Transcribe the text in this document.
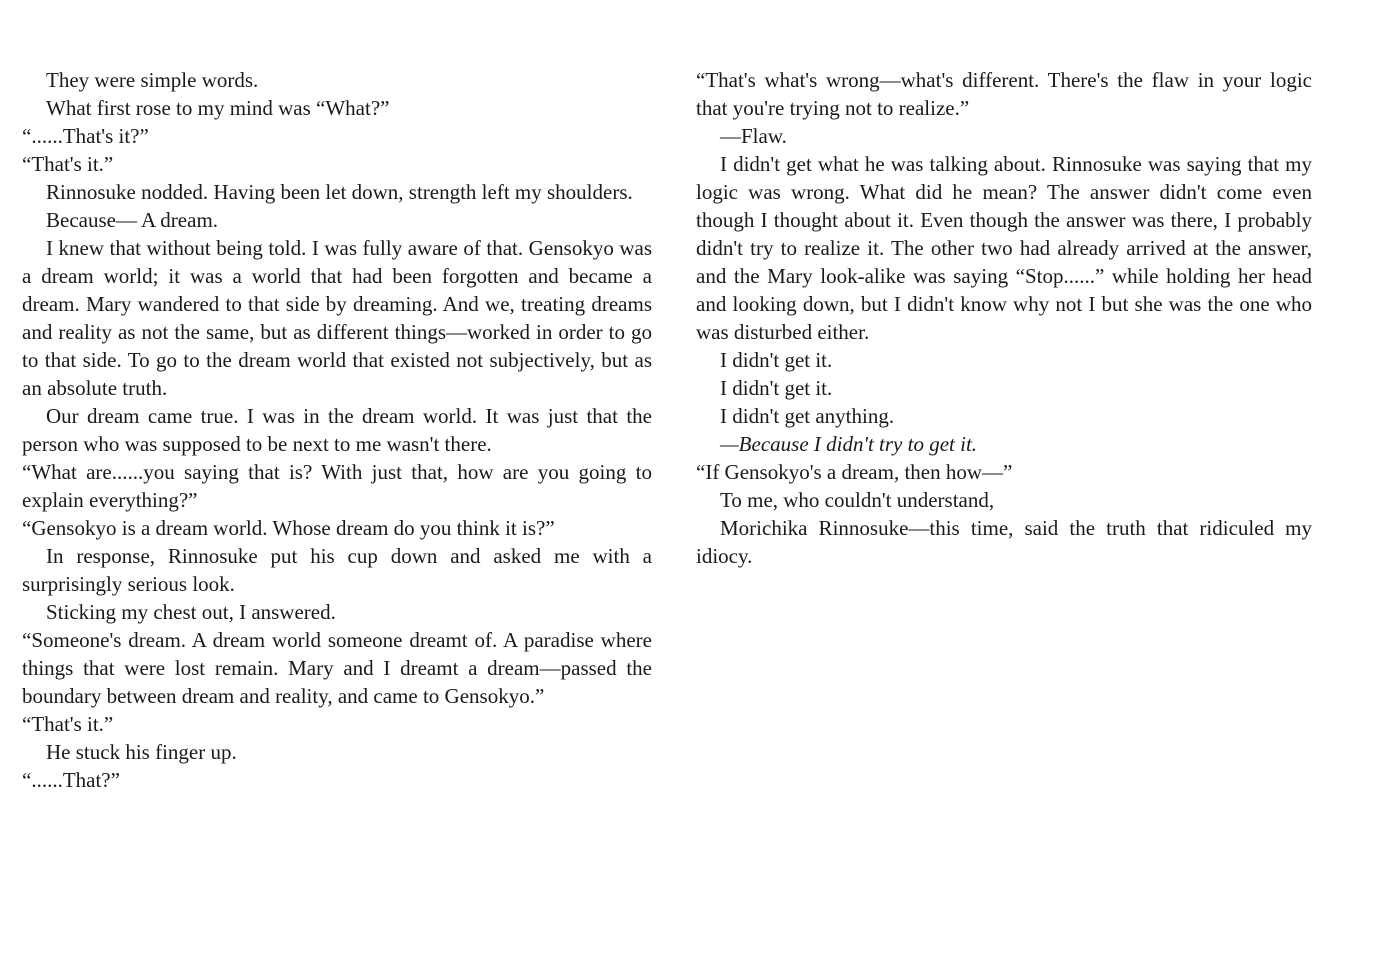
They were simple words.

What first rose to my mind was “What?”

“......That's it?”

“That's it.”

Rinnosuke nodded. Having been let down, strength left my shoulders.

Because— A dream.

I knew that without being told. I was fully aware of that. Gensokyo was a dream world; it was a world that had been forgotten and became a dream. Mary wandered to that side by dreaming. And we, treating dreams and reality as not the same, but as different things—worked in order to go to that side. To go to the dream world that existed not subjectively, but as an absolute truth.

Our dream came true. I was in the dream world. It was just that the person who was supposed to be next to me wasn't there.

“What are......you saying that is? With just that, how are you going to explain everything?”

“Gensokyo is a dream world. Whose dream do you think it is?”

In response, Rinnosuke put his cup down and asked me with a surprisingly serious look.

Sticking my chest out, I answered.

“Someone's dream. A dream world someone dreamt of. A paradise where things that were lost remain. Mary and I dreamt a dream—passed the boundary between dream and reality, and came to Gensokyo.”

“That's it.”

He stuck his finger up.

“......That?”

“That's what's wrong—what's different. There's the flaw in your logic that you're trying not to realize.”

—Flaw.

I didn't get what he was talking about. Rinnosuke was saying that my logic was wrong. What did he mean? The answer didn't come even though I thought about it. Even though the answer was there, I probably didn't try to realize it. The other two had already arrived at the answer, and the Mary look-alike was saying “Stop......” while holding her head and looking down, but I didn't know why not I but she was the one who was disturbed either.

I didn't get it.

I didn't get it.

I didn't get anything.

—Because I didn't try to get it.

“If Gensokyo's a dream, then how—”

To me, who couldn't understand,

Morichika Rinnosuke—this time, said the truth that ridiculed my idiocy.
